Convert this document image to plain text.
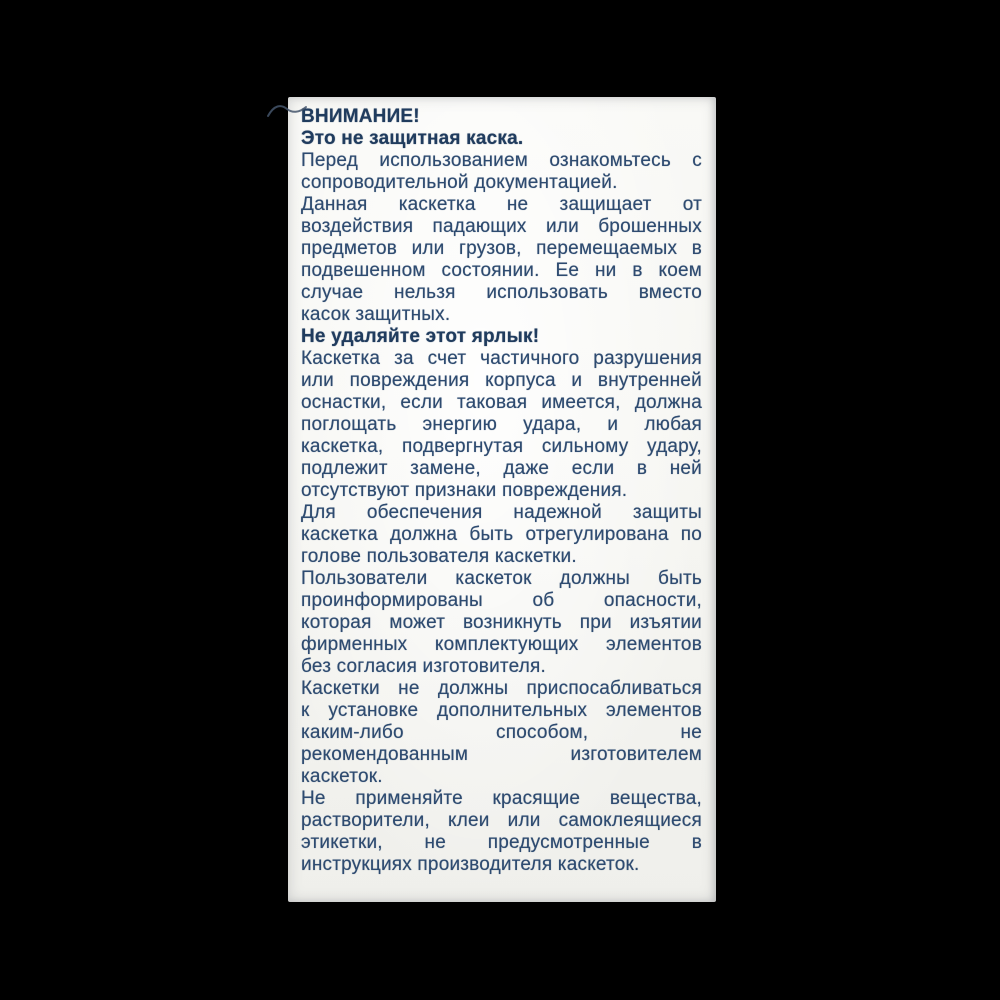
ВНИМАНИЕ!
Это не защитная каска.
Перед использованием ознакомьтесь с
сопроводительной документацией.
Данная каскетка не защищает от
воздействия падающих или брошенных
предметов или грузов, перемещаемых в
подвешенном состоянии. Ее ни в коем
случае нельзя использовать вместо
касок защитных.
Не удаляйте этот ярлык!
Каскетка за счет частичного разрушения
или повреждения корпуса и внутренней
оснастки, если таковая имеется, должна
поглощать энергию удара, и любая
каскетка, подвергнутая сильному удару,
подлежит замене, даже если в ней
отсутствуют признаки повреждения.
Для обеспечения надежной защиты
каскетка должна быть отрегулирована по
голове пользователя каскетки.
Пользователи каскеток должны быть
проинформированы об опасности,
которая может возникнуть при изъятии
фирменных комплектующих элементов
без согласия изготовителя.
Каскетки не должны приспосабливаться
к установке дополнительных элементов
каким-либо способом, не
рекомендованным изготовителем
каскеток.
Не применяйте красящие вещества,
растворители, клеи или самоклеящиеся
этикетки, не предусмотренные в
инструкциях производителя каскеток.
